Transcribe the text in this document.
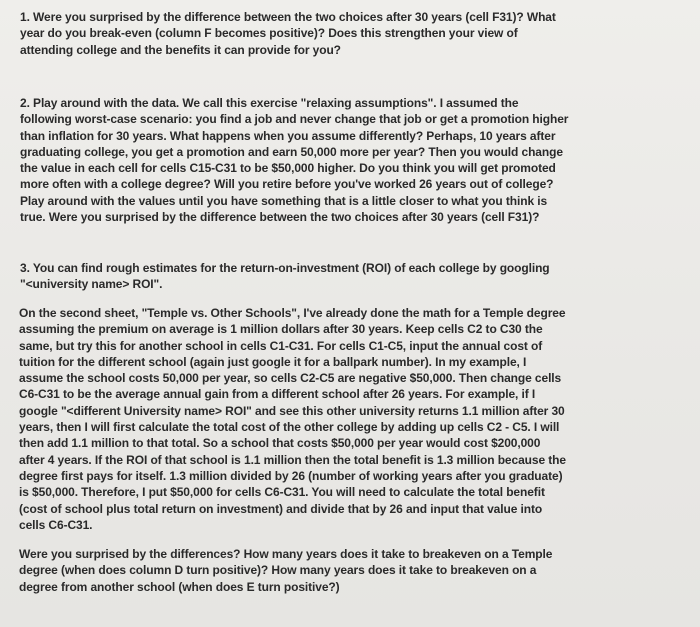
1. Were you surprised by the difference between the two choices after 30 years (cell F31)? What
year do you break-even (column F becomes positive)? Does this strengthen your view of
attending college and the benefits it can provide for you?
2. Play around with the data. We call this exercise "relaxing assumptions". I assumed the
following worst-case scenario: you find a job and never change that job or get a promotion higher
than inflation for 30 years. What happens when you assume differently? Perhaps, 10 years after
graduating college, you get a promotion and earn 50,000 more per year? Then you would change
the value in each cell for cells C15-C31 to be $50,000 higher. Do you think you will get promoted
more often with a college degree? Will you retire before you've worked 26 years out of college?
Play around with the values until you have something that is a little closer to what you think is
true. Were you surprised by the difference between the two choices after 30 years (cell F31)?
3. You can find rough estimates for the return-on-investment (ROI) of each college by googling
"<university name> ROI".
On the second sheet, "Temple vs. Other Schools", I've already done the math for a Temple degree
assuming the premium on average is 1 million dollars after 30 years. Keep cells C2 to C30 the
same, but try this for another school in cells C1-C31. For cells C1-C5, input the annual cost of
tuition for the different school (again just google it for a ballpark number). In my example, I
assume the school costs 50,000 per year, so cells C2-C5 are negative $50,000. Then change cells
C6-C31 to be the average annual gain from a different school after 26 years. For example, if I
google "<different University name> ROI" and see this other university returns 1.1 million after 30
years, then I will first calculate the total cost of the other college by adding up cells C2 - C5. I will
then add 1.1 million to that total. So a school that costs $50,000 per year would cost $200,000
after 4 years. If the ROI of that school is 1.1 million then the total benefit is 1.3 million because the
degree first pays for itself. 1.3 million divided by 26 (number of working years after you graduate)
is $50,000. Therefore, I put $50,000 for cells C6-C31. You will need to calculate the total benefit
(cost of school plus total return on investment) and divide that by 26 and input that value into
cells C6-C31.
Were you surprised by the differences? How many years does it take to breakeven on a Temple
degree (when does column D turn positive)? How many years does it take to breakeven on a
degree from another school (when does E turn positive?)
